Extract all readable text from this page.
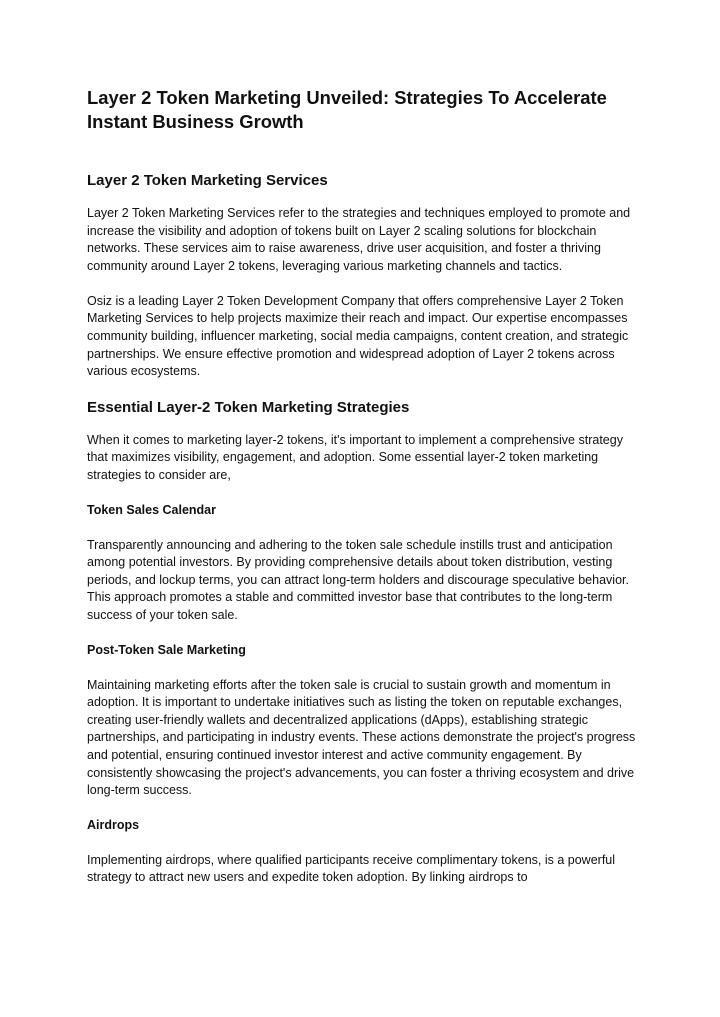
Layer 2 Token Marketing Unveiled: Strategies To Accelerate Instant Business Growth
Layer 2 Token Marketing Services

Layer 2 Token Marketing Services refer to the strategies and techniques employed to promote and increase the visibility and adoption of tokens built on Layer 2 scaling solutions for blockchain networks. These services aim to raise awareness, drive user acquisition, and foster a thriving community around Layer 2 tokens, leveraging various marketing channels and tactics.

Osiz is a leading Layer 2 Token Development Company that offers comprehensive Layer 2 Token Marketing Services to help projects maximize their reach and impact. Our expertise encompasses community building, influencer marketing, social media campaigns, content creation, and strategic partnerships. We ensure effective promotion and widespread adoption of Layer 2 tokens across various ecosystems.

Essential Layer-2 Token Marketing Strategies

When it comes to marketing layer-2 tokens, it's important to implement a comprehensive strategy that maximizes visibility, engagement, and adoption. Some essential layer-2 token marketing strategies to consider are,

Token Sales Calendar

Transparently announcing and adhering to the token sale schedule instills trust and anticipation among potential investors. By providing comprehensive details about token distribution, vesting periods, and lockup terms, you can attract long-term holders and discourage speculative behavior. This approach promotes a stable and committed investor base that contributes to the long-term success of your token sale.

Post-Token Sale Marketing

Maintaining marketing efforts after the token sale is crucial to sustain growth and momentum in adoption. It is important to undertake initiatives such as listing the token on reputable exchanges, creating user-friendly wallets and decentralized applications (dApps), establishing strategic partnerships, and participating in industry events. These actions demonstrate the project's progress and potential, ensuring continued investor interest and active community engagement. By consistently showcasing the project's advancements, you can foster a thriving ecosystem and drive long-term success.

Airdrops

Implementing airdrops, where qualified participants receive complimentary tokens, is a powerful strategy to attract new users and expedite token adoption. By linking airdrops to
